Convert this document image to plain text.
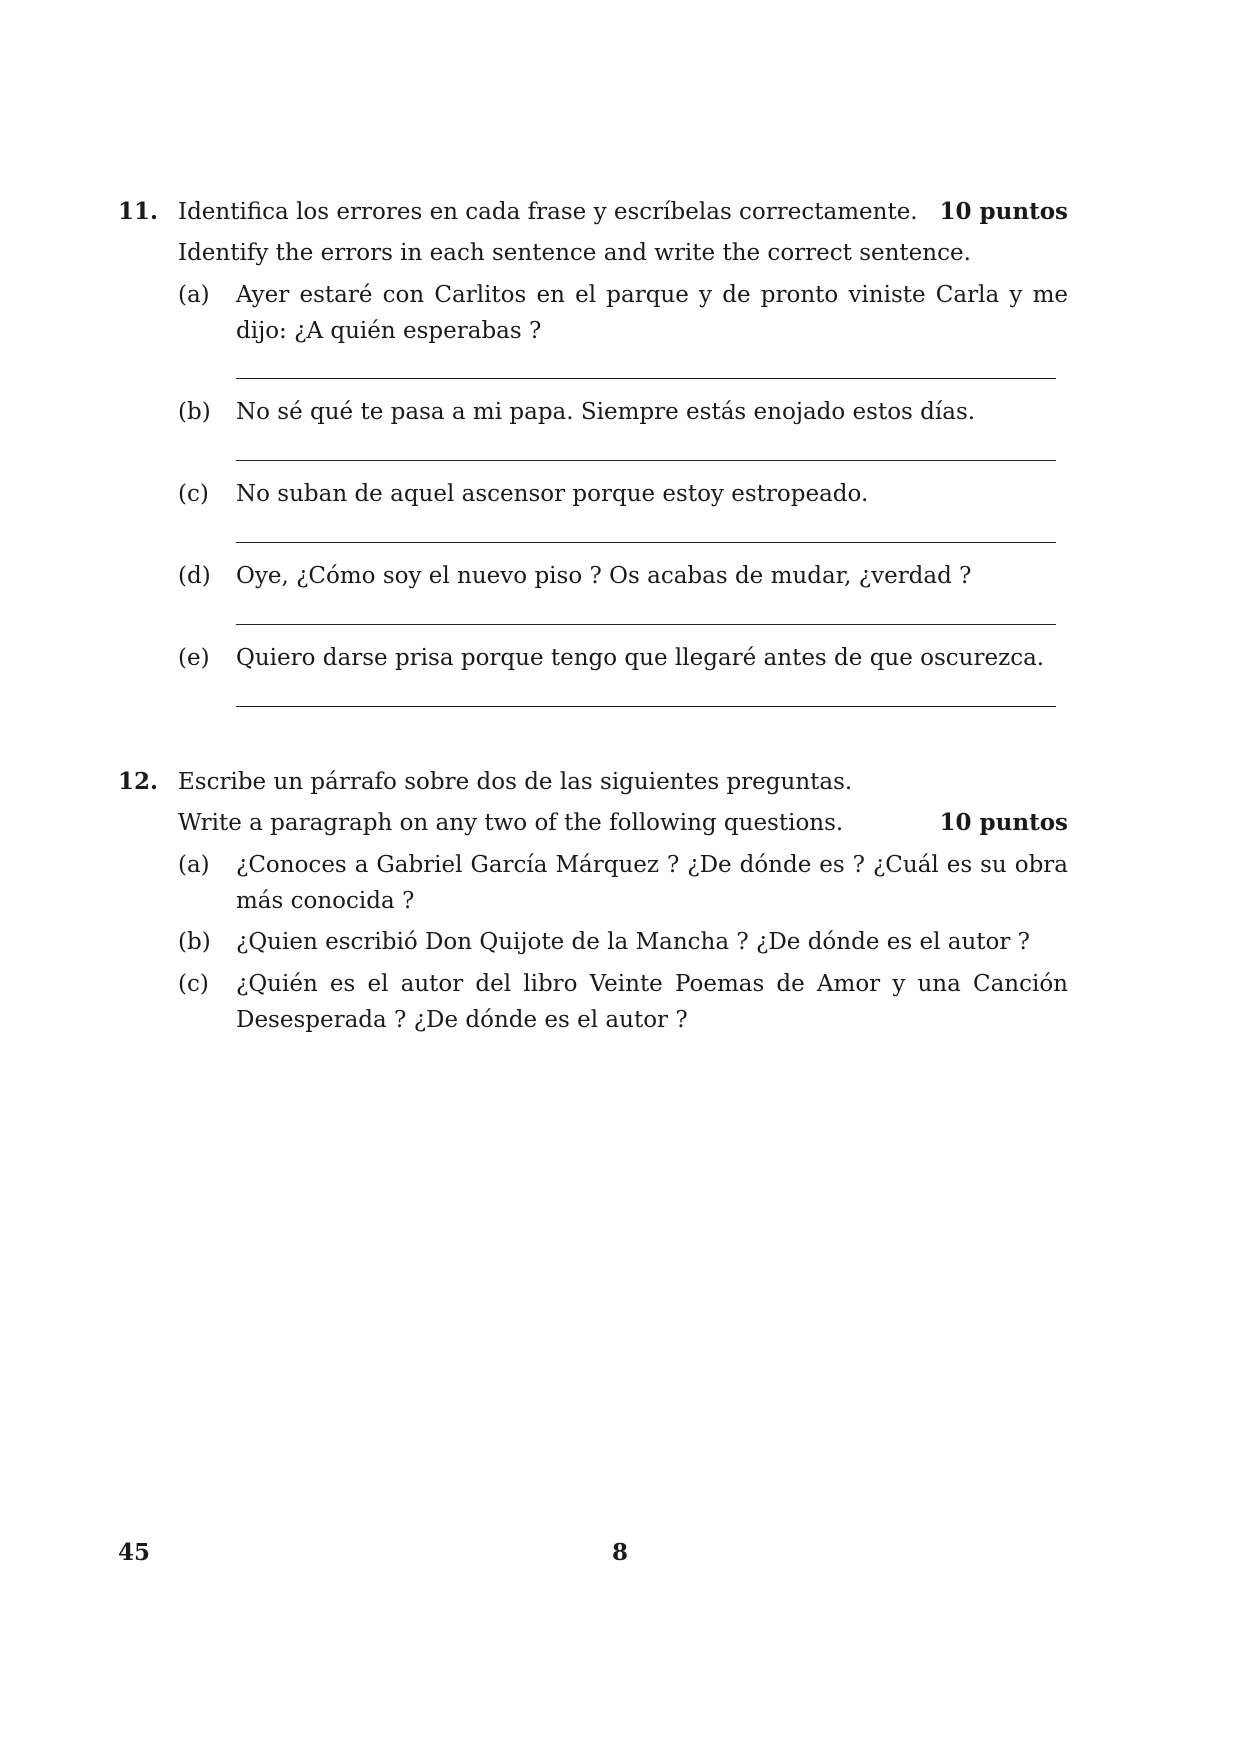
11. Identifica los errores en cada frase y escríbelas correctamente. 10 puntos
Identify the errors in each sentence and write the correct sentence.
(a) Ayer estaré con Carlitos en el parque y de pronto viniste Carla y me dijo: ¿A quién esperabas ?
(b) No sé qué te pasa a mi papa. Siempre estás enojado estos días.
(c) No suban de aquel ascensor porque estoy estropeado.
(d) Oye, ¿Cómo soy el nuevo piso ? Os acabas de mudar, ¿verdad ?
(e) Quiero darse prisa porque tengo que llegaré antes de que oscurezca.
12. Escribe un párrafo sobre dos de las siguientes preguntas.
Write a paragraph on any two of the following questions.	10 puntos
(a) ¿Conoces a Gabriel García Márquez ? ¿De dónde es ? ¿Cuál es su obra más conocida ?
(b) ¿Quien escribió Don Quijote de la Mancha ? ¿De dónde es el autor ?
(c) ¿Quién es el autor del libro Veinte Poemas de Amor y una Canción Desesperada ? ¿De dónde es el autor ?
45	8
